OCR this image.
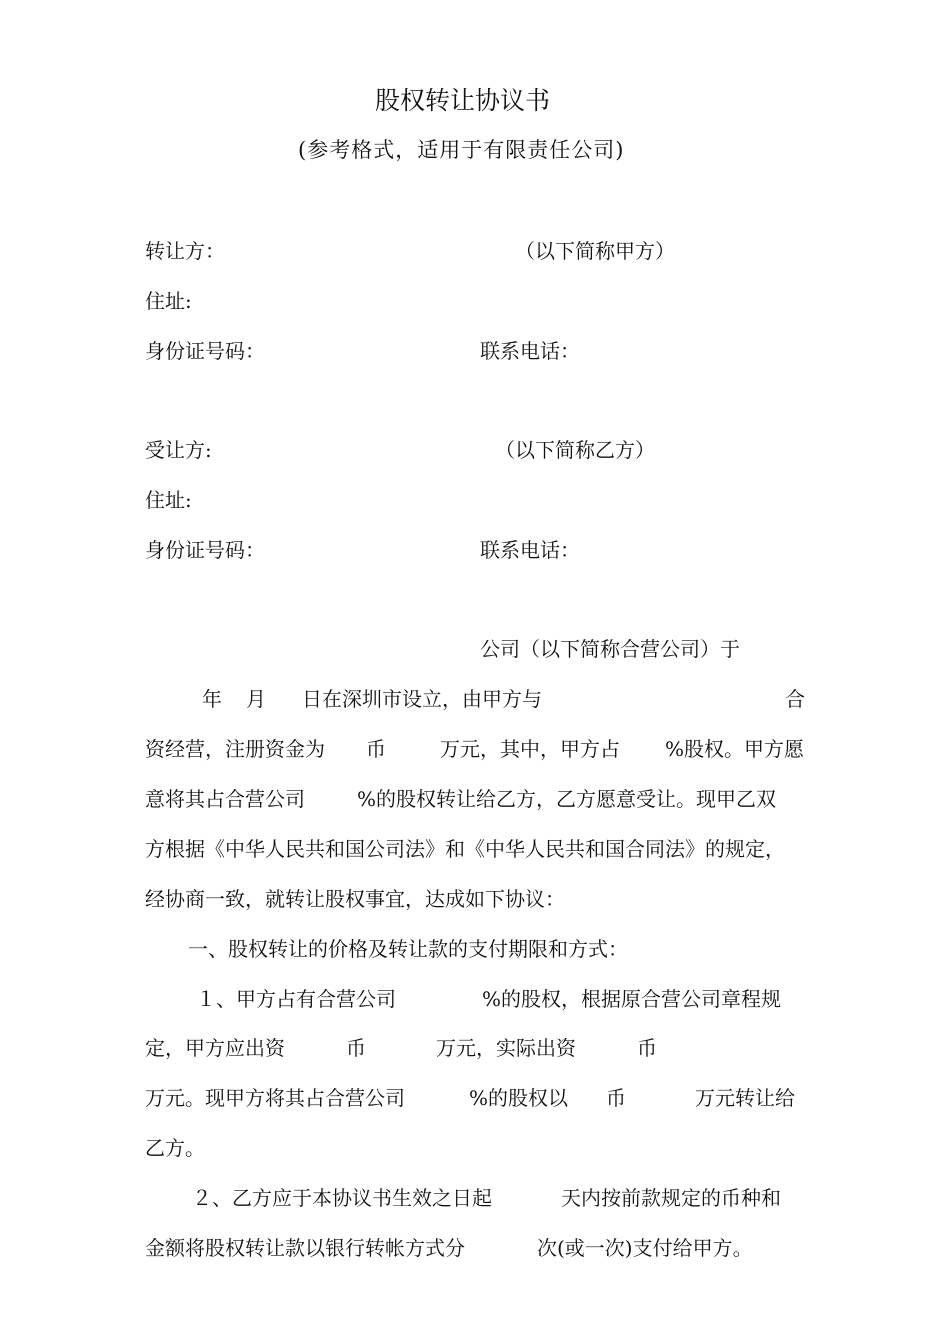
股权转让协议书
(参考格式，适用于有限责任公司)
转让方：	（以下简称甲方）
住址:
身份证号码：	联系电话：
受让方:	（以下简称乙方）
住址:
身份证号码：	联系电话：
公司（以下简称合营公司）于
年 月 日在深圳市设立，由甲方与	合
资经营，注册资金为 币	万元，其中，甲方占 %股权。甲方愿
意将其占合营公司	%的股权转让给乙方，乙方愿意受让。现甲乙双
方根据《中华人民共和国公司法》和《中华人民共和国合同法》的规定，
经协商一致，就转让股权事宜，达成如下协议：
一、股权转让的价格及转让款的支付期限和方式：
１、甲方占有合营公司	%的股权，根据原合营公司章程规
定，甲方应出资	币	万元，实际出资	币
万元。现甲方将其占合营公司	%的股权以 币	万元转让给
乙方。
２、乙方应于本协议书生效之日起	天内按前款规定的币种和
金额将股权转让款以银行转帐方式分	次(或一次)支付给甲方。
